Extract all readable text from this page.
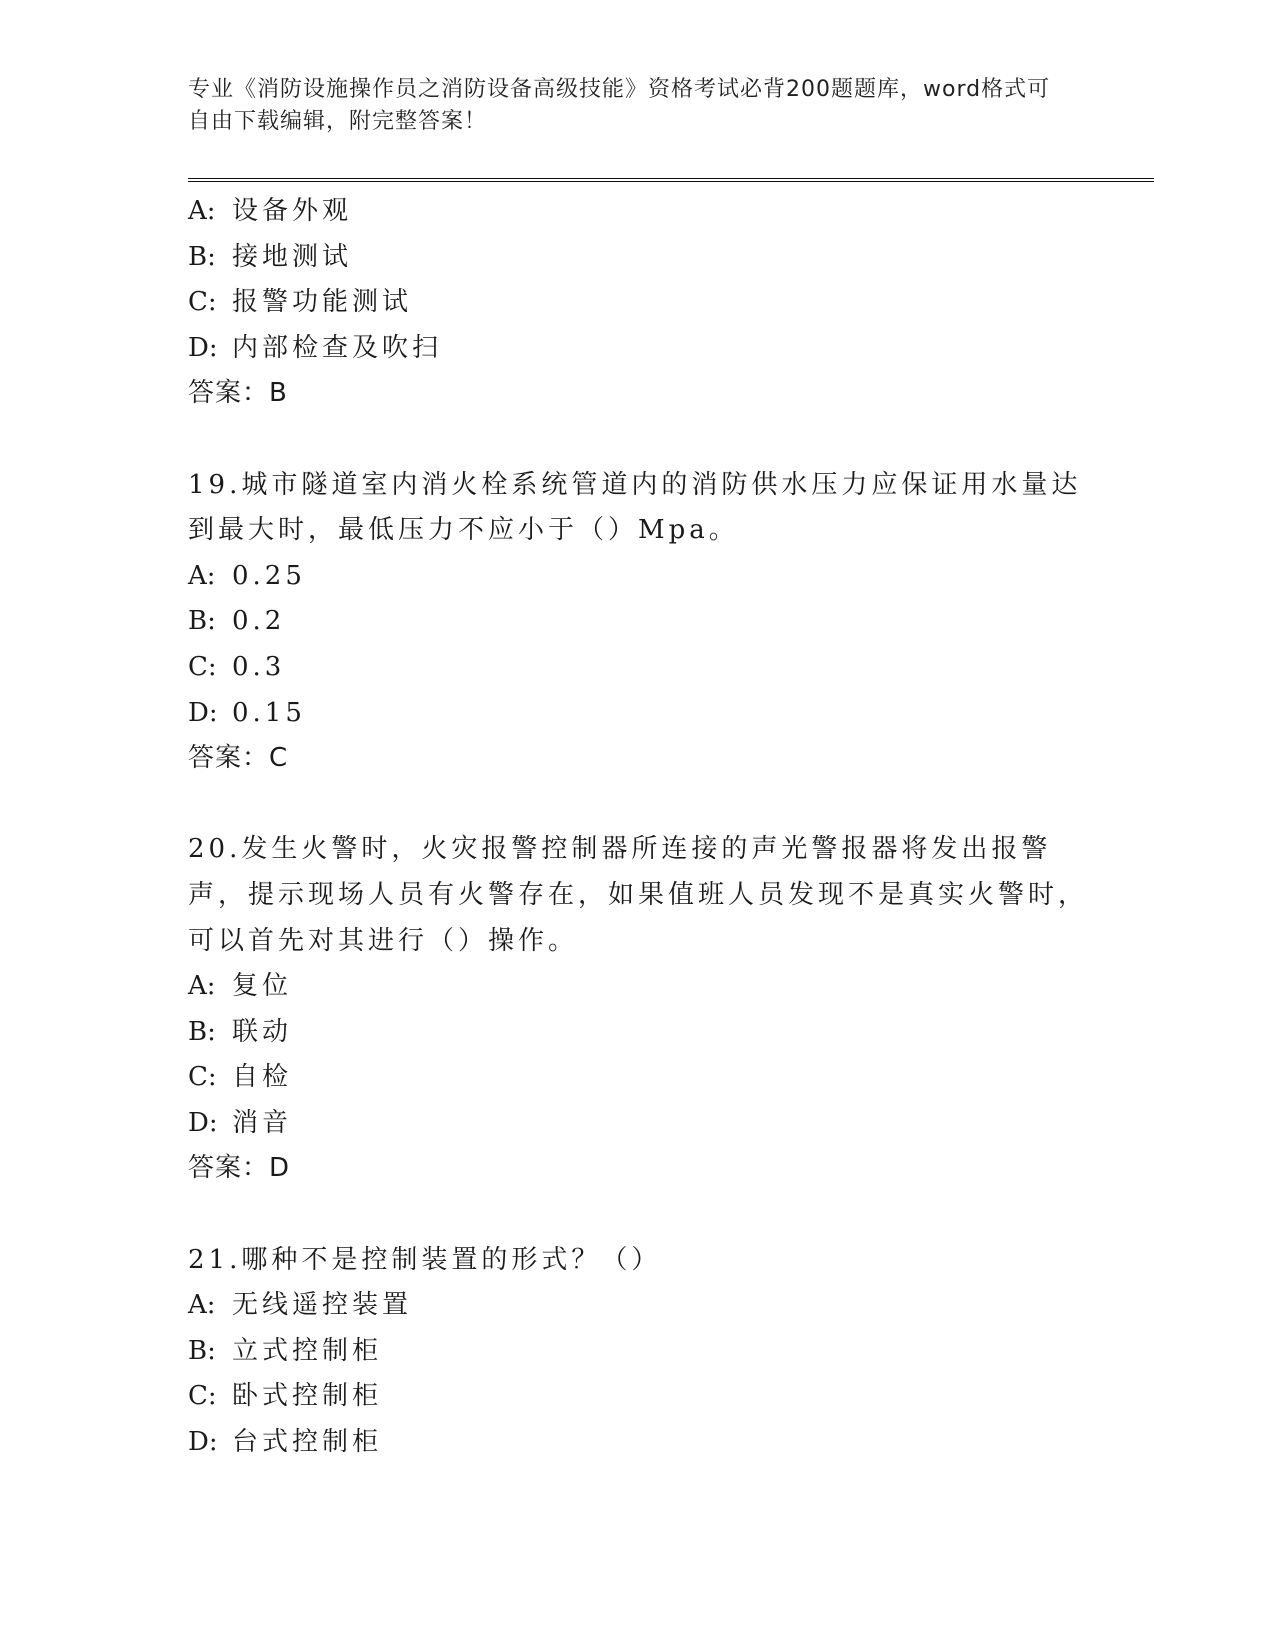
专业《消防设施操作员之消防设备高级技能》资格考试必背200题题库，word格式可自由下载编辑，附完整答案！
A: 设备外观
B: 接地测试
C: 报警功能测试
D: 内部检查及吹扫
答案：B
19.城市隧道室内消火栓系统管道内的消防供水压力应保证用水量达到最大时，最低压力不应小于（）Mpa。
A: 0.25
B: 0.2
C: 0.3
D: 0.15
答案：C
20.发生火警时，火灾报警控制器所连接的声光警报器将发出报警声，提示现场人员有火警存在，如果值班人员发现不是真实火警时，可以首先对其进行（）操作。
A: 复位
B: 联动
C: 自检
D: 消音
答案：D
21.哪种不是控制装置的形式？（）
A: 无线遥控装置
B: 立式控制柜
C: 卧式控制柜
D: 台式控制柜
